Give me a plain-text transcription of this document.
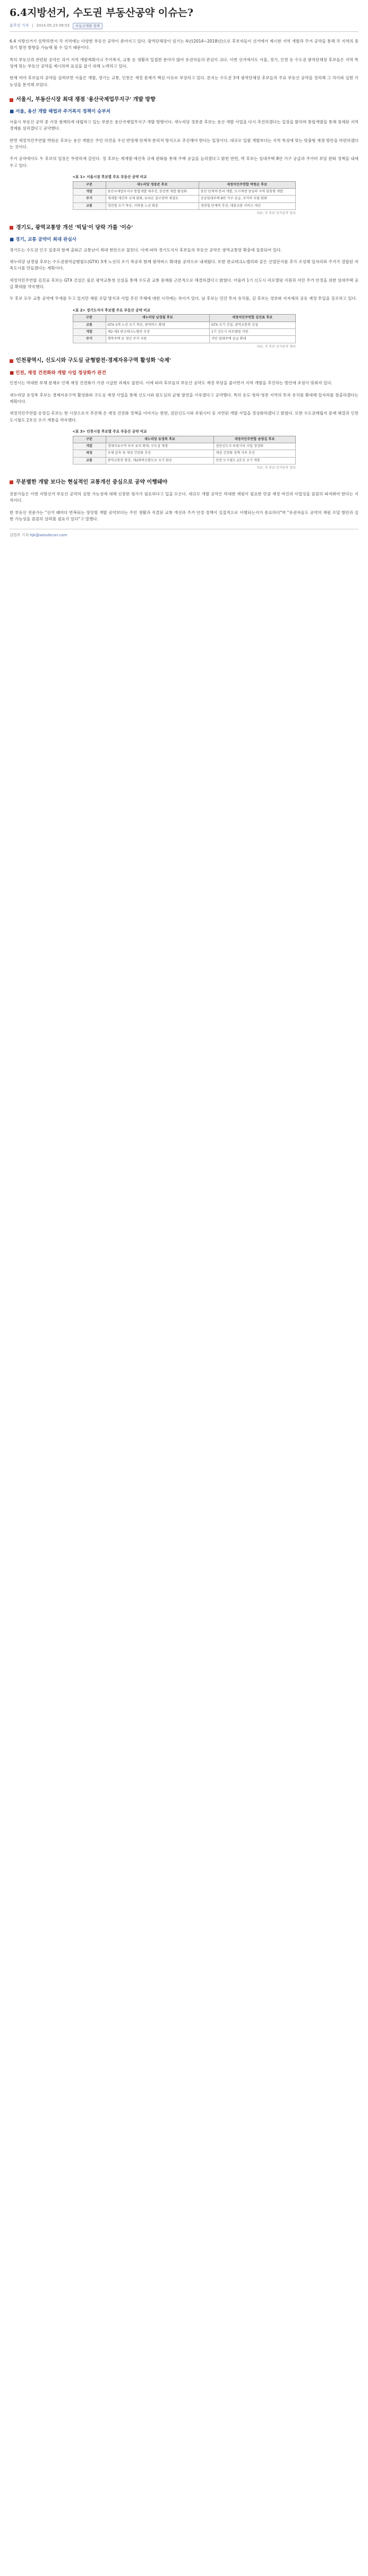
6.4지방선거, 수도권 부동산공약 이슈는?
윤주선 기자 | 2014.05.23 09:53	부동산개발·정책

6.4 지방선거가 임박하면서 각 지역에는 다양한 부동산 공약이 쏟아지고 있다. 광역단체장이 임기는 4년(2014~2018년)으로 후보자들이 선거에서 제시한 지역 개발과 주거 공약을 통해 각 지역의 중장기 발전 방향을 가늠해 볼 수 있기 때문이다.

특히 부동산과 관련된 공약은 과거 지역 개발계획이나 주거복지, 교통 등 생활과 밀접한 분야가 많아 유권자들의 관심이 크다. 이번 선거에서도 서울, 경기, 인천 등 수도권 광역단체장 후보들은 지역 특성에 맞는 부동산 공약을 제시하며 표심을 잡기 위해 노력하고 있다.

현재 여야 후보들의 공약을 살펴보면 서울은 개발, 경기는 교통, 인천은 재정 문제가 핵심 이슈로 부상하고 있다. 본지는 수도권 3개 광역단체장 후보들의 주요 부동산 공약을 정리해 그 차이와 실현 가능성을 분석해 보았다.

서울시, 부동산시장 최대 쟁점 '용산국제업무지구' 개발 방향
■ 서울, 용산 개발 해법과 주거복지 정책이 승부처

서울시 부동산 공약 중 가장 첨예하게 대립하고 있는 부분은 용산국제업무지구 개발 방향이다. 새누리당 정몽준 후보는 용산 개발 사업을 다시 추진하겠다는 입장을 밝히며 통합개발을 통해 침체된 지역 경제를 살리겠다고 공약했다.

반면 새정치민주연합 박원순 후보는 용산 개발은 주민 의견을 우선 반영해 단계적·분리적 방식으로 추진해야 한다는 입장이다. 대규모 일괄 개발보다는 지역 특성에 맞는 맞춤형 재생 방안을 마련하겠다는 것이다.

주거 공약에서도 두 후보의 입장은 뚜렷하게 갈린다. 정 후보는 재개발·재건축 규제 완화를 통해 주택 공급을 늘리겠다고 밝힌 반면, 박 후보는 임대주택 8만 가구 공급과 주거비 부담 완화 정책을 내세우고 있다.

<표 1> 서울시장 후보별 주요 부동산 공약 비교
구분	새누리당 정몽준 후보	새정치민주연합 박원순 후보
개발	용산국제업무지구 통합개발 재추진, 한강변 개발 활성화	용산 단계적·분리 개발, 도시재생 중심의 지역 맞춤형 개발
주거	재개발·재건축 규제 완화, 뉴타운 출구전략 재검토	공공임대주택 8만 가구 공급, 주거비 부담 완화
교통	경전철 조기 착공, 지하철 노선 확충	경전철 단계적 추진, 대중교통 서비스 개선
자료: 각 후보 선거공약 정리
경기도, 광역교통망 개선 '빅딜'이 당락 가를 '이슈'
■ 경기, 교통 공약이 최대 관심사

경기도는 수도권 인구 집중과 함께 출퇴근 교통난이 최대 현안으로 꼽힌다. 이에 따라 경기도지사 후보들의 부동산 공약은 광역교통망 확충에 집중되어 있다.

새누리당 남경필 후보는 수도권광역급행철도(GTX) 3개 노선의 조기 착공과 함께 광역버스 확대를 공약으로 내세웠다. 또한 판교테크노밸리와 같은 산업단지를 추가 조성해 일자리와 주거가 결합된 자족도시를 만들겠다는 계획이다.

새정치민주연합 김진표 후보는 GTX 건설은 물론 광역교통청 신설을 통해 수도권 교통 문제를 근본적으로 해결하겠다고 밝혔다. 아울러 1기 신도시 리모델링 지원과 서민 주거 안정을 위한 임대주택 공급 확대를 약속했다.

두 후보 모두 교통 공약에 무게를 두고 있지만 재원 조달 방식과 사업 추진 주체에 대한 시각에는 차이가 있다. 남 후보는 민간 투자 유치를, 김 후보는 정부와 지자체의 공동 재정 투입을 강조하고 있다.

<표 2> 경기도지사 후보별 주요 부동산 공약 비교
구분	새누리당 남경필 후보	새정치민주연합 김진표 후보
교통	GTX 3개 노선 조기 착공, 광역버스 확대	GTX 조기 건설, 광역교통청 신설
개발	제2·제3 판교테크노밸리 조성	1기 신도시 리모델링 지원
주거	행복주택 등 청년 주거 지원	서민 임대주택 공급 확대
자료: 각 후보 선거공약 정리
인천광역시, 신도시와 구도심 균형발전·경제자유구역 활성화 '숙제'
■ 인천, 재정 건전화와 개발 사업 정상화가 관건

인천시는 막대한 부채 문제로 인해 재정 건전화가 가장 시급한 과제로 꼽힌다. 이에 따라 후보들의 부동산 공약도 재정 부담을 줄이면서 지역 개발을 추진하는 방안에 초점이 맞춰져 있다.

새누리당 유정복 후보는 경제자유구역 활성화와 구도심 재생 사업을 통해 신도시와 원도심의 균형 발전을 이루겠다고 공약했다. 특히 송도·청라·영종 지역의 투자 유치를 확대해 일자리를 창출하겠다는 계획이다.

새정치민주연합 송영길 후보는 현 시장으로서 추진해 온 재정 건전화 정책을 이어가는 한편, 검단신도시와 루원시티 등 지연된 개발 사업을 정상화하겠다고 밝혔다. 또한 수도권매립지 문제 해결과 인천 도시철도 2호선 조기 개통을 약속했다.

<표 3> 인천시장 후보별 주요 부동산 공약 비교
구분	새누리당 유정복 후보	새정치민주연합 송영길 후보
개발	경제자유구역 투자 유치 확대, 구도심 재생	검단신도시·루원시티 사업 정상화
재정	부채 감축 및 재정 건전화 추진	재정 건전화 정책 지속 추진
교통	광역교통망 확충, 제2외곽순환도로 조기 완공	인천 도시철도 2호선 조기 개통
자료: 각 후보 선거공약 정리
무분별한 개발 보다는 현실적인 교통개선 중심으로 공약 이행돼야

전문가들은 이번 지방선거 부동산 공약의 실현 가능성에 대해 신중한 평가가 필요하다고 입을 모은다. 대규모 개발 공약은 막대한 재원이 필요한 만큼 재정 여건과 사업성을 꼼꼼히 따져봐야 한다는 지적이다.

한 부동산 전문가는 "선거 때마다 반복되는 장밋빛 개발 공약보다는 주민 생활과 직결된 교통 개선과 주거 안정 정책이 실질적으로 이행되는지가 중요하다"며 "유권자들도 공약의 재원 조달 방안과 실현 가능성을 꼼꼼히 살펴볼 필요가 있다"고 말했다.

김현주 기자 hjk@seoulecon.com
